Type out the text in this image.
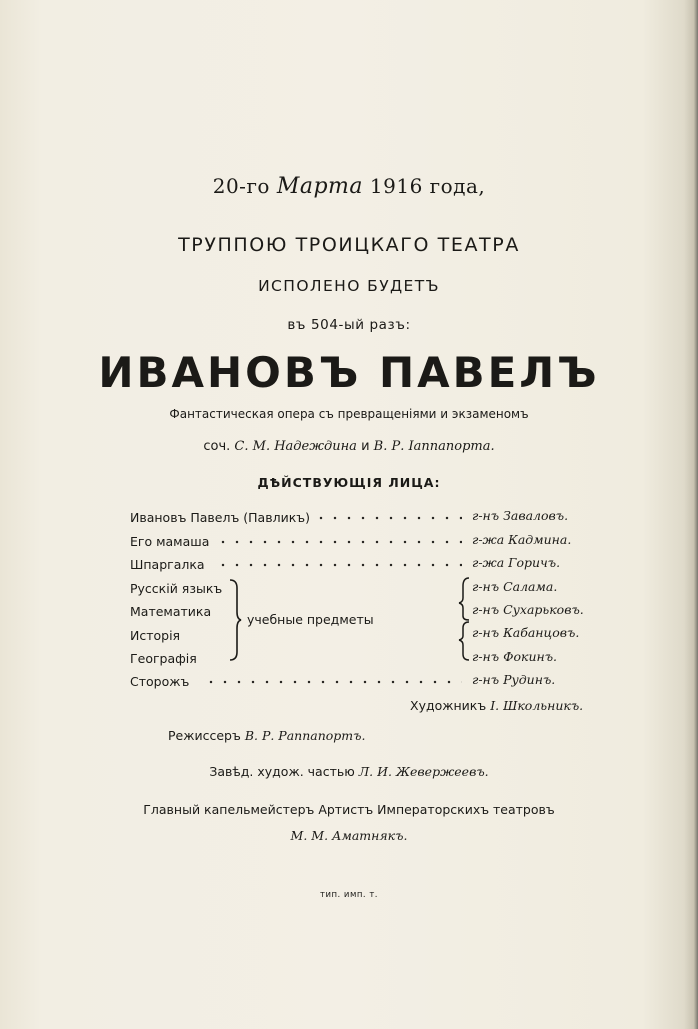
20-го Марта 1916 года,
ТРУППОЮ ТРОИЦКАГО ТЕАТРА
ИСПОЛЕНО БУДЕТЪ
въ 504-ый разъ:
ИВАНОВЪ ПАВЕЛЪ
Фантастическая опера съ превращеніями и экзаменомъ
соч. С. М. Надеждина и В. Р. Іаппапорта.
ДѢЙСТВУЮЩІЯ ЛИЦА:
Ивановъ Павелъ (Павликъ)	г-нъ Заваловъ.
Его мамаша	г-жа Кадмина.
Шпаргалка	г-жа Горичъ.
Русскій языкъ	г-нъ Салама.
Математика	г-нъ Сухарьковъ.
Исторія	г-нъ Кабанцовъ.
Географія	г-нъ Фокинъ.
Сторожъ	г-нъ Рудинъ.
учебные предметы
Художникъ І. Школьникъ.
Режиссеръ В. Р. Раппапортъ.
Завѣд. худож. частью Л. И. Жевержеевъ.
Главный капельмейстеръ Артистъ Императорскихъ театровъ
М. М. Аматнякъ.
тип. имп. т.
